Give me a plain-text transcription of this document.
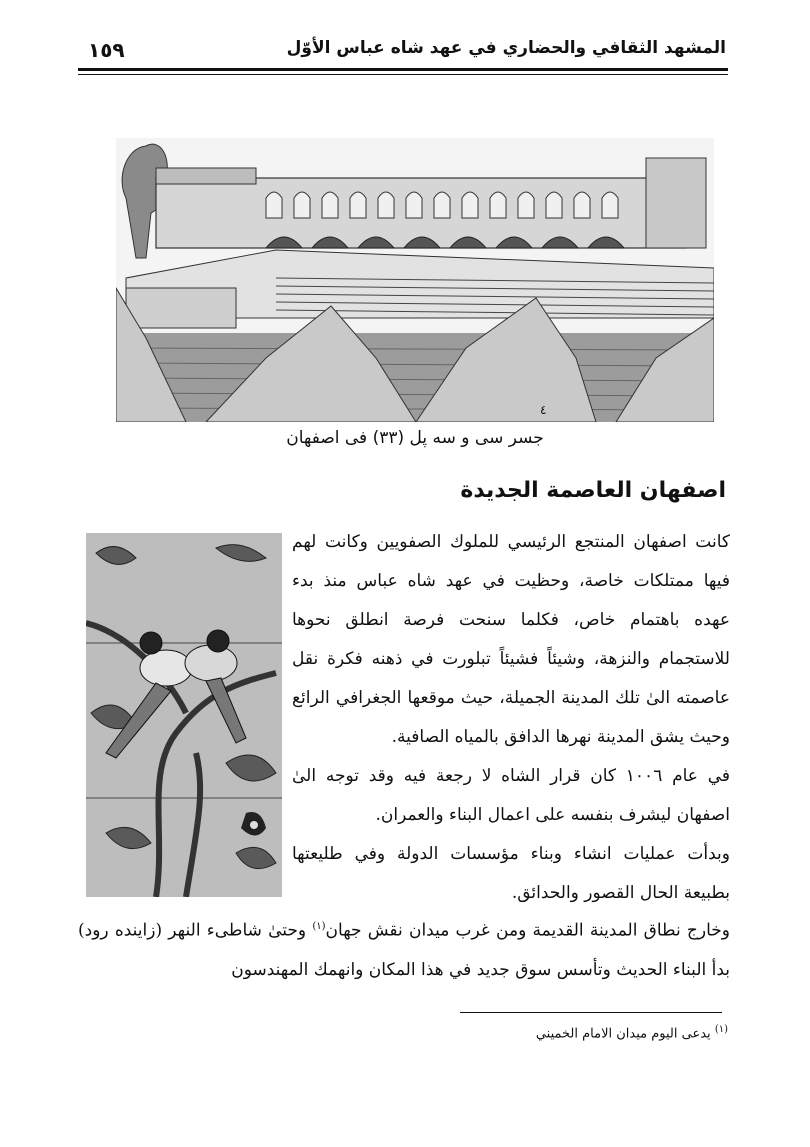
١٥٩	المشهد الثقافي والحضاري في عهد شاه عباس الأوّل
٤
جسر سى و سه پل (٣٣) فى اصفهان
اصفهان العاصمة الجديدة
كانت اصفهان المنتجع الرئيسي للملوك الصفويين وكانت لهم فيها ممتلكات خاصة، وحظيت في عهد شاه عباس منذ بدء عهده باهتمام خاص، فكلما سنحت فرصة انطلق نحوها للاستجمام والنزهة، وشيئاً فشيئاً تبلورت في ذهنه فكرة نقل عاصمته الىٰ تلك المدينة الجميلة، حيث موقعها الجغرافي الرائع وحيث يشق المدينة نهرها الدافق بالمياه الصافية.
في عام ١٠٠٦ كان قرار الشاه لا رجعة فيه وقد توجه الىٰ اصفهان ليشرف بنفسه على اعمال البناء والعمران.
وبدأت عمليات انشاء وبناء مؤسسات الدولة وفي طليعتها بطبيعة الحال القصور والحدائق.
وخارج نطاق المدينة القديمة ومن غرب ميدان نقش جهان$^{(١)}$ وحتىٰ شاطىء النهر (زاينده رود) بدأ البناء الحديث وتأسس سوق جديد في هذا المكان وانهمك المهندسون
$^{(١)}$ يدعى اليوم ميدان الامام الخميني
